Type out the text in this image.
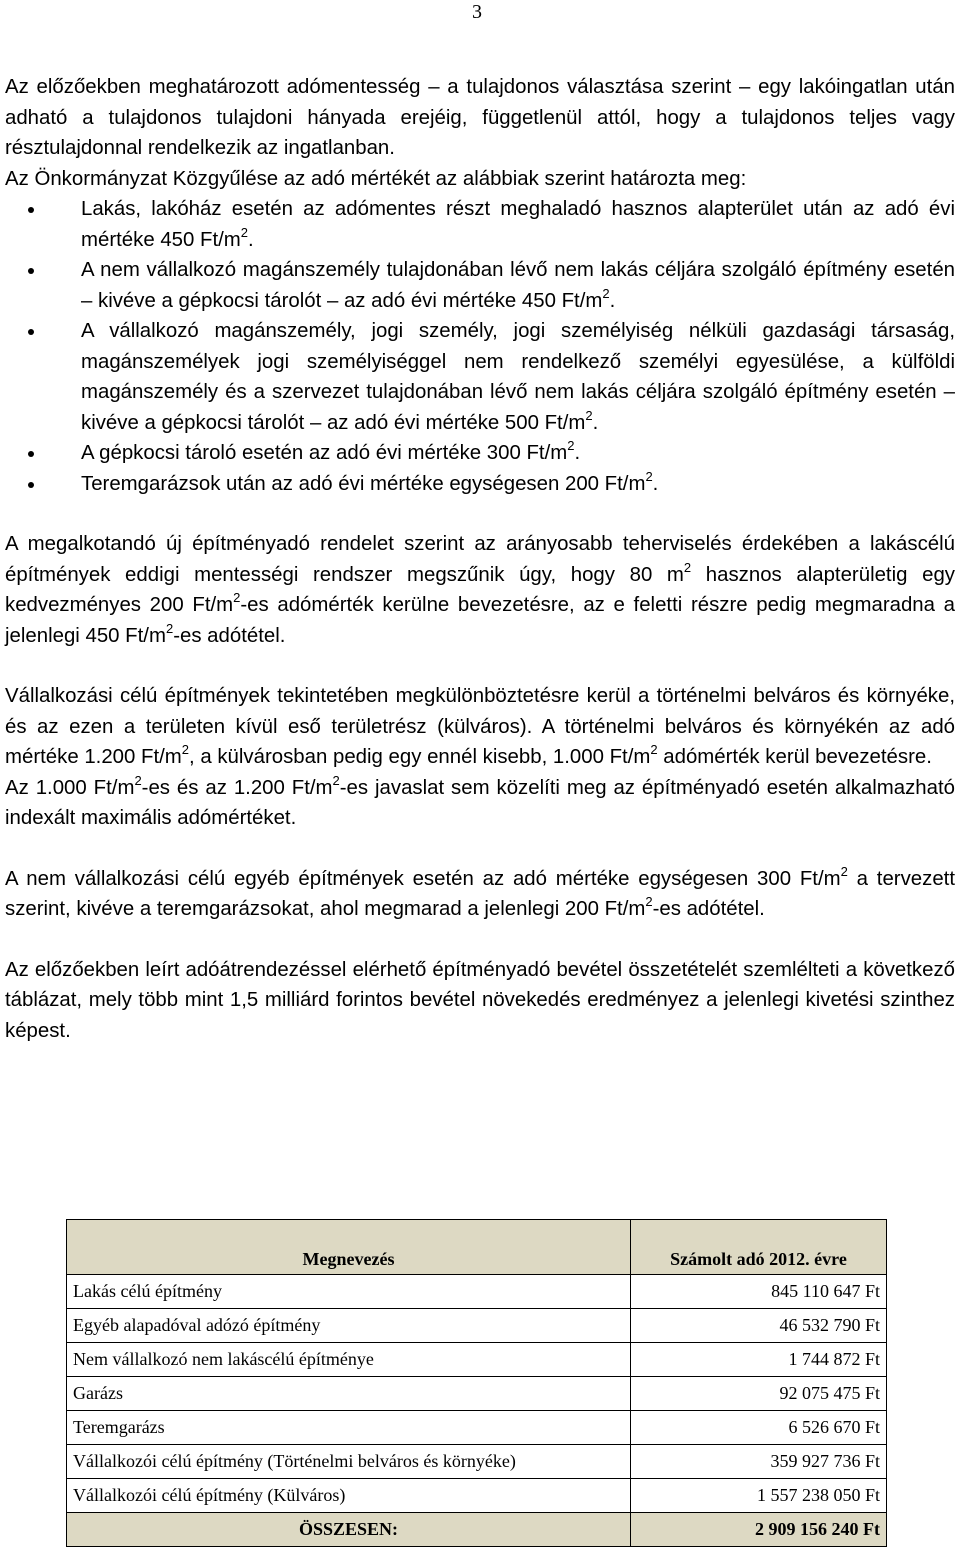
3

Az előzőekben meghatározott adómentesség – a tulajdonos választása szerint – egy lakóingatlan után adható a tulajdonos tulajdoni hányada erejéig, függetlenül attól, hogy a tulajdonos teljes vagy résztulajdonnal rendelkezik az ingatlanban.

Az Önkormányzat Közgyűlése az adó mértékét az alábbiak szerint határozta meg:

Lakás, lakóház esetén az adómentes részt meghaladó hasznos alapterület után az adó évi mértéke 450 $Ft/m^2$.
A nem vállalkozó magánszemély tulajdonában lévő nem lakás céljára szolgáló építmény esetén – kivéve a gépkocsi tárolót – az adó évi mértéke 450 $Ft/m^2$.
A vállalkozó magánszemély, jogi személy, jogi személyiség nélküli gazdasági társaság, magánszemélyek jogi személyiséggel nem rendelkező személyi egyesülése, a külföldi magánszemély és a szervezet tulajdonában lévő nem lakás céljára szolgáló építmény esetén – kivéve a gépkocsi tárolót – az adó évi mértéke 500 $Ft/m^2$.
A gépkocsi tároló esetén az adó évi mértéke 300 $Ft/m^2$.
Teremgarázsok után az adó évi mértéke egységesen 200 $Ft/m^2$.

A megalkotandó új építményadó rendelet szerint az arányosabb teherviselés érdekében a lakáscélú építmények eddigi mentességi rendszer megszűnik úgy, hogy 80 $m^2$ hasznos alapterületig egy kedvezményes 200 $Ft/m^2-es$ adómérték kerülne bevezetésre, az e feletti részre pedig megmaradna a jelenlegi 450 $Ft/m^2-es$ adótétel.

Vállalkozási célú építmények tekintetében megkülönböztetésre kerül a történelmi belváros és környéke, és az ezen a területen kívül eső területrész (külváros). A történelmi belváros és környékén az adó mértéke 1.200 $Ft/m^2$, a külvárosban pedig egy ennél kisebb, 1.000 $Ft/m^2$ adómérték kerül bevezetésre.
Az 1.000 $Ft/m^2-es$ és az 1.200 $Ft/m^2-es$ javaslat sem közelíti meg az építményadó esetén alkalmazható indexált maximális adómértéket.

A nem vállalkozási célú egyéb építmények esetén az adó mértéke egységesen 300 $Ft/m^2$ a tervezett szerint, kivéve a teremgarázsokat, ahol megmarad a jelenlegi 200 $Ft/m^2-es$ adótétel.

Az előzőekben leírt adóátrendezéssel elérhető építményadó bevétel összetételét szemlélteti a következő táblázat, mely több mint 1,5 milliárd forintos bevétel növekedés eredményez a jelenlegi kivetési szinthez képest.

Megnevezés	Számolt adó 2012. évre
Lakás célú építmény	845 110 647 Ft
Egyéb alapadóval adózó építmény	46 532 790 Ft
Nem vállalkozó nem lakáscélú építménye	1 744 872 Ft
Garázs	92 075 475 Ft
Teremgarázs	6 526 670 Ft
Vállalkozói célú építmény (Történelmi belváros és környéke)	359 927 736 Ft
Vállalkozói célú építmény (Külváros)	1 557 238 050 Ft
ÖSSZESEN:	2 909 156 240 Ft
